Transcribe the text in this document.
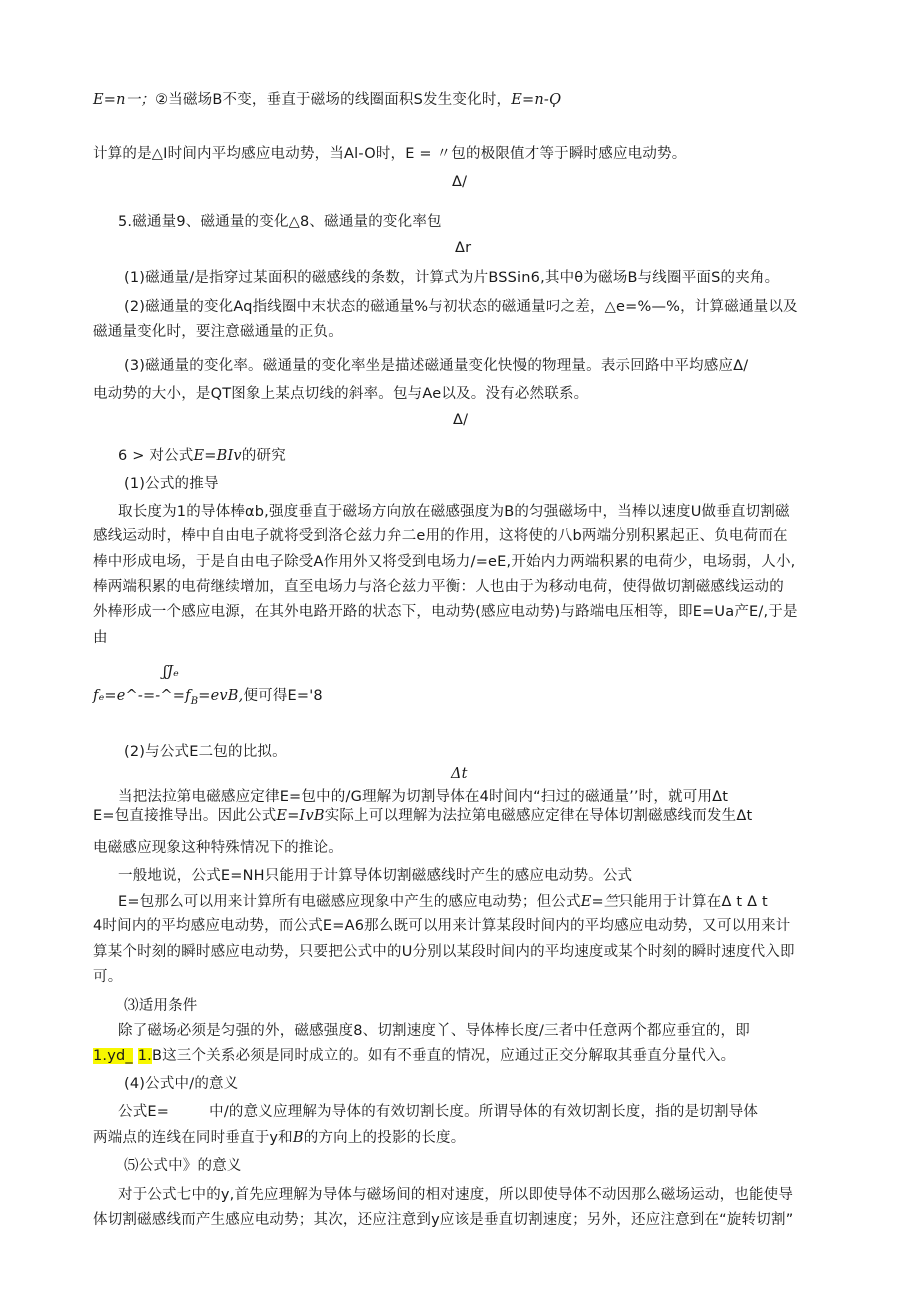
E=n一；②当磁场B不变，垂直于磁场的线圈面积S发生变化时，E=n-Ϙ
计算的是△I时间内平均感应电动势，当Al-O时，E = 〃包的极限值才等于瞬时感应电动势。
Δ/
5.磁通量9、磁通量的变化△8、磁通量的变化率包
Δr
(1)磁通量/是指穿过某面积的磁感线的条数，计算式为片BSSin6,其中θ为磁场B与线圈平面S的夹角。
(2)磁通量的变化Aq指线圈中末状态的磁通量%与初状态的磁通量叼之差，△e=%—%，计算磁通量以及
磁通量变化时，要注意磁通量的正负。
(3)磁通量的变化率。磁通量的变化率坐是描述磁通量变化快慢的物理量。表示回路中平均感应Δ/
电动势的大小，是QT图象上某点切线的斜率。包与Ae以及。没有必然联系。
Δ/
6 > 对公式E=BIv的研究
(1)公式的推导
取长度为1的导体棒αb,强度垂直于磁场方向放在磁感强度为B的匀强磁场中，当棒以速度U做垂直切割磁
感线运动时，棒中自由电子就将受到洛仑兹力弁二e用的作用，这将使的八b两端分别积累起正、负电荷而在
棒中形成电场，于是自由电子除受A作用外又将受到电场力∕=eE,开始内力两端积累的电荷少，电场弱，人小,
棒两端积累的电荷继续增加，直至电场力与洛仑兹力平衡：人也由于为移动电荷，使得做切割磁感线运动的
外棒形成一个感应电源，在其外电路开路的状态下，电动势(感应电动势)与路端电压相等，即E=Ua产E/,于是
由
ʃJₑ
$f_e=e\^{}-=-\^{}=f_B=evB$,便可得E='8
(2)与公式E二包的比拟。
Δt
当把法拉第电磁感应定律E=包中的/G理解为切割导体在4时间内“扫过的磁通量’’时，就可用Δt
E=包直接推导出。因此公式E=IvB实际上可以理解为法拉第电磁感应定律在导体切割磁感线而发生Δt
电磁感应现象这种特殊情况下的推论。
一般地说，公式E=NH只能用于计算导体切割磁感线时产生的感应电动势。公式
E=包那么可以用来计算所有电磁感应现象中产生的感应电动势；但公式E=竺只能用于计算在Δ t Δ t
4时间内的平均感应电动势，而公式E=A6那么既可以用来计算某段时间内的平均感应电动势，又可以用来计
算某个时刻的瞬时感应电动势，只要把公式中的U分别以某段时间内的平均速度或某个时刻的瞬时速度代入即
可。
⑶适用条件
除了磁场必须是匀强的外，磁感强度8、切割速度丫、导体棒长度/三者中任意两个都应垂宜的，即
1.yd_ 1.B这三个关系必须是同时成立的。如有不垂直的情况，应通过正交分解取其垂直分量代入。
(4)公式中/的意义
公式E=	中/的意义应理解为导体的有效切割长度。所谓导体的有效切割长度，指的是切割导体
两端点的连线在同时垂直于y和B的方向上的投影的长度。
⑸公式中》的意义
对于公式七中的y,首先应理解为导体与磁场间的相对速度，所以即使导体不动因那么磁场运动，也能使导
体切割磁感线而产生感应电动势；其次，还应注意到y应该是垂直切割速度；另外，还应注意到在“旋转切割”
